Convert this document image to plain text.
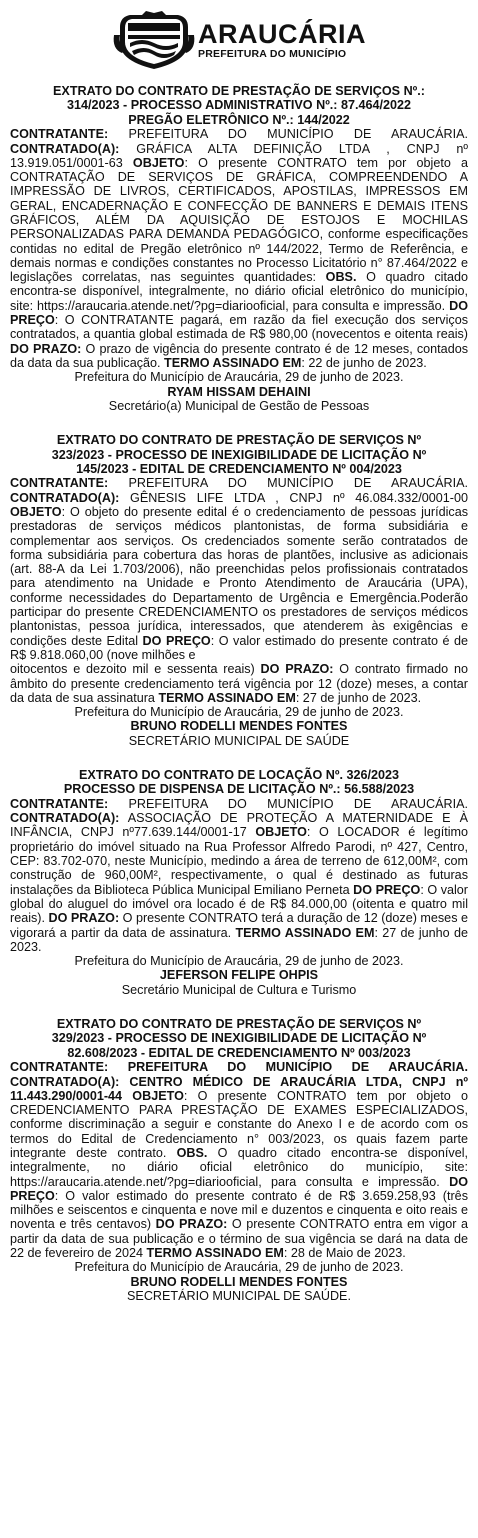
ARAUCÁRIA
PREFEITURA DO MUNICÍPIO
EXTRATO DO CONTRATO DE PRESTAÇÃO DE SERVIÇOS Nº.:
314/2023 - PROCESSO ADMINISTRATIVO Nº.: 87.464/2022
PREGÃO ELETRÔNICO Nº.: 144/2022
CONTRATANTE: PREFEITURA DO MUNICÍPIO DE ARAUCÁRIA. CONTRATADO(A): GRÁFICA ALTA DEFINIÇÃO LTDA , CNPJ nº 13.919.051/0001-63 OBJETO: O presente CONTRATO tem por objeto a CONTRATAÇÃO DE SERVIÇOS DE GRÁFICA, COMPREENDENDO A IMPRESSÃO DE LIVROS, CERTIFICADOS, APOSTILAS, IMPRESSOS EM GERAL, ENCADERNAÇÃO E CONFECÇÃO DE BANNERS E DEMAIS ITENS GRÁFICOS, ALÉM DA AQUISIÇÃO DE ESTOJOS E MOCHILAS PERSONALIZADAS PARA DEMANDA PEDAGÓGICO, conforme especificações contidas no edital de Pregão eletrônico nº 144/2022, Termo de Referência, e demais normas e condições constantes no Processo Licitatório n° 87.464/2022 e legislações correlatas, nas seguintes quantidades: OBS. O quadro citado encontra-se disponível, integralmente, no diário oficial eletrônico do município, site: https://araucaria.atende.net/?pg=diariooficial, para consulta e impressão. DO PREÇO: O CONTRATANTE pagará, em razão da fiel execução dos serviços contratados, a quantia global estimada de R$ 980,00 (novecentos e oitenta reais) DO PRAZO: O prazo de vigência do presente contrato é de 12 meses, contados da data da sua publicação. TERMO ASSINADO EM: 22 de junho de 2023.
Prefeitura do Município de Araucária, 29 de junho de 2023.
RYAM HISSAM DEHAINI
Secretário(a) Municipal de Gestão de Pessoas
EXTRATO DO CONTRATO DE PRESTAÇÃO DE SERVIÇOS Nº
323/2023 - PROCESSO DE INEXIGIBILIDADE DE LICITAÇÃO Nº
145/2023 - EDITAL DE CREDENCIAMENTO Nº 004/2023
CONTRATANTE: PREFEITURA DO MUNICÍPIO DE ARAUCÁRIA. CONTRATADO(A): GÊNESIS LIFE LTDA , CNPJ nº 46.084.332/0001-00 OBJETO: O objeto do presente edital é o credenciamento de pessoas jurídicas prestadoras de serviços médicos plantonistas, de forma subsidiária e complementar aos serviços. Os credenciados somente serão contratados de forma subsidiária para cobertura das horas de plantões, inclusive as adicionais (art. 88-A da Lei 1.703/2006), não preenchidas pelos profissionais contratados para atendimento na Unidade e Pronto Atendimento de Araucária (UPA), conforme necessidades do Departamento de Urgência e Emergência.Poderão participar do presente CREDENCIAMENTO os prestadores de serviços médicos plantonistas, pessoa jurídica, interessados, que atenderem às exigências e condições deste Edital DO PREÇO: O valor estimado do presente contrato é de R$ 9.818.060,00 (nove milhões e
oitocentos e dezoito mil e sessenta reais) DO PRAZO: O contrato firmado no âmbito do presente credenciamento terá vigência por 12 (doze) meses, a contar da data de sua assinatura TERMO ASSINADO EM: 27 de junho de 2023.
Prefeitura do Município de Araucária, 29 de junho de 2023.
BRUNO RODELLI MENDES FONTES
SECRETÁRIO MUNICIPAL DE SAÚDE
EXTRATO DO CONTRATO DE LOCAÇÃO Nº. 326/2023
PROCESSO DE DISPENSA DE LICITAÇÃO Nº.: 56.588/2023
CONTRATANTE: PREFEITURA DO MUNICÍPIO DE ARAUCÁRIA. CONTRATADO(A): ASSOCIAÇÃO DE PROTEÇÃO A MATERNIDADE E À INFÂNCIA, CNPJ nº77.639.144/0001-17 OBJETO: O LOCADOR é legítimo proprietário do imóvel situado na Rua Professor Alfredo Parodi, nº 427, Centro, CEP: 83.702-070, neste Município, medindo a área de terreno de 612,00M², com construção de 960,00M², respectivamente, o qual é destinado as futuras instalações da Biblioteca Pública Municipal Emiliano Perneta DO PREÇO: O valor global do aluguel do imóvel ora locado é de R$ 84.000,00 (oitenta e quatro mil reais). DO PRAZO: O presente CONTRATO terá a duração de 12 (doze) meses e vigorará a partir da data de assinatura. TERMO ASSINADO EM: 27 de junho de 2023.
Prefeitura do Município de Araucária, 29 de junho de 2023.
JEFERSON FELIPE OHPIS
Secretário Municipal de Cultura e Turismo
EXTRATO DO CONTRATO DE PRESTAÇÃO DE SERVIÇOS Nº
329/2023 - PROCESSO DE INEXIGIBILIDADE DE LICITAÇÃO Nº
82.608/2023 - EDITAL DE CREDENCIAMENTO Nº 003/2023
CONTRATANTE: PREFEITURA DO MUNICÍPIO DE ARAUCÁRIA. CONTRATADO(A): CENTRO MÉDICO DE ARAUCÁRIA LTDA, CNPJ nº 11.443.290/0001-44 OBJETO: O presente CONTRATO tem por objeto o CREDENCIAMENTO PARA PRESTAÇÃO DE EXAMES ESPECIALIZADOS, conforme discriminação a seguir e constante do Anexo I e de acordo com os termos do Edital de Credenciamento n° 003/2023, os quais fazem parte integrante deste contrato. OBS. O quadro citado encontra-se disponível, integralmente, no diário oficial eletrônico do município, site: https://araucaria.atende.net/?pg=diariooficial, para consulta e impressão. DO PREÇO: O valor estimado do presente contrato é de R$ 3.659.258,93 (três milhões e seiscentos e cinquenta e nove mil e duzentos e cinquenta e oito reais e noventa e três centavos) DO PRAZO: O presente CONTRATO entra em vigor a partir da data de sua publicação e o término de sua vigência se dará na data de 22 de fevereiro de 2024 TERMO ASSINADO EM: 28 de Maio de 2023.
Prefeitura do Município de Araucária, 29 de junho de 2023.
BRUNO RODELLI MENDES FONTES
SECRETÁRIO MUNICIPAL DE SAÚDE.
